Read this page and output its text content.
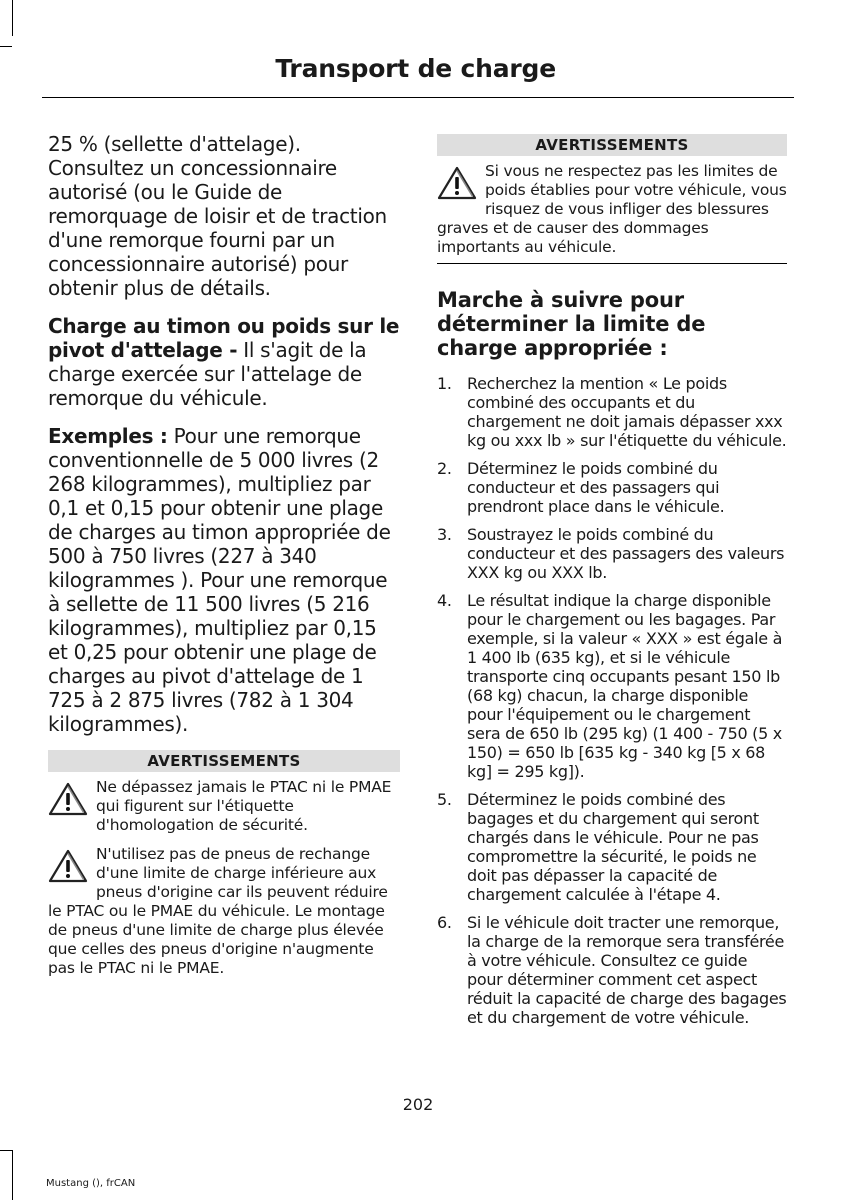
Transport de charge

25 % (sellette d'attelage). Consultez un concessionnaire autorisé (ou le Guide de remorquage de loisir et de traction d'une remorque fourni par un concessionnaire autorisé) pour obtenir plus de détails.

Charge au timon ou poids sur le pivot d'attelage - Il s'agit de la charge exercée sur l'attelage de remorque du véhicule.

Exemples : Pour une remorque conventionnelle de 5 000 livres (2 268 kilogrammes), multipliez par 0,1 et 0,15 pour obtenir une plage de charges au timon appropriée de 500 à 750 livres (227 à 340 kilogrammes ). Pour une remorque à sellette de 11 500 livres (5 216 kilogrammes), multipliez par 0,15 et 0,25 pour obtenir une plage de charges au pivot d'attelage de 1 725 à 2 875 livres (782 à 1 304 kilogrammes).

AVERTISSEMENTS
Ne dépassez jamais le PTAC ni le PMAE qui figurent sur l'étiquette d'homologation de sécurité.
N'utilisez pas de pneus de rechange d'une limite de charge inférieure aux pneus d'origine car ils peuvent réduire le PTAC ou le PMAE du véhicule. Le montage de pneus d'une limite de charge plus élevée que celles des pneus d'origine n'augmente pas le PTAC ni le PMAE.
AVERTISSEMENTS
Si vous ne respectez pas les limites de poids établies pour votre véhicule, vous risquez de vous infliger des blessures graves et de causer des dommages importants au véhicule.
Marche à suivre pour déterminer la limite de charge appropriée :
1. Recherchez la mention « Le poids combiné des occupants et du chargement ne doit jamais dépasser xxx kg ou xxx lb » sur l'étiquette du véhicule.
2. Déterminez le poids combiné du conducteur et des passagers qui prendront place dans le véhicule.
3. Soustrayez le poids combiné du conducteur et des passagers des valeurs XXX kg ou XXX lb.
4. Le résultat indique la charge disponible pour le chargement ou les bagages. Par exemple, si la valeur « XXX » est égale à 1 400 lb (635 kg), et si le véhicule transporte cinq occupants pesant 150 lb (68 kg) chacun, la charge disponible pour l'équipement ou le chargement sera de 650 lb (295 kg) (1 400 - 750 (5 x 150) = 650 lb [635 kg - 340 kg [5 x 68 kg] = 295 kg]).
5. Déterminez le poids combiné des bagages et du chargement qui seront chargés dans le véhicule. Pour ne pas compromettre la sécurité, le poids ne doit pas dépasser la capacité de chargement calculée à l'étape 4.
6. Si le véhicule doit tracter une remorque, la charge de la remorque sera transférée à votre véhicule. Consultez ce guide pour déterminer comment cet aspect réduit la capacité de charge des bagages et du chargement de votre véhicule.
202
Mustang (), frCAN
